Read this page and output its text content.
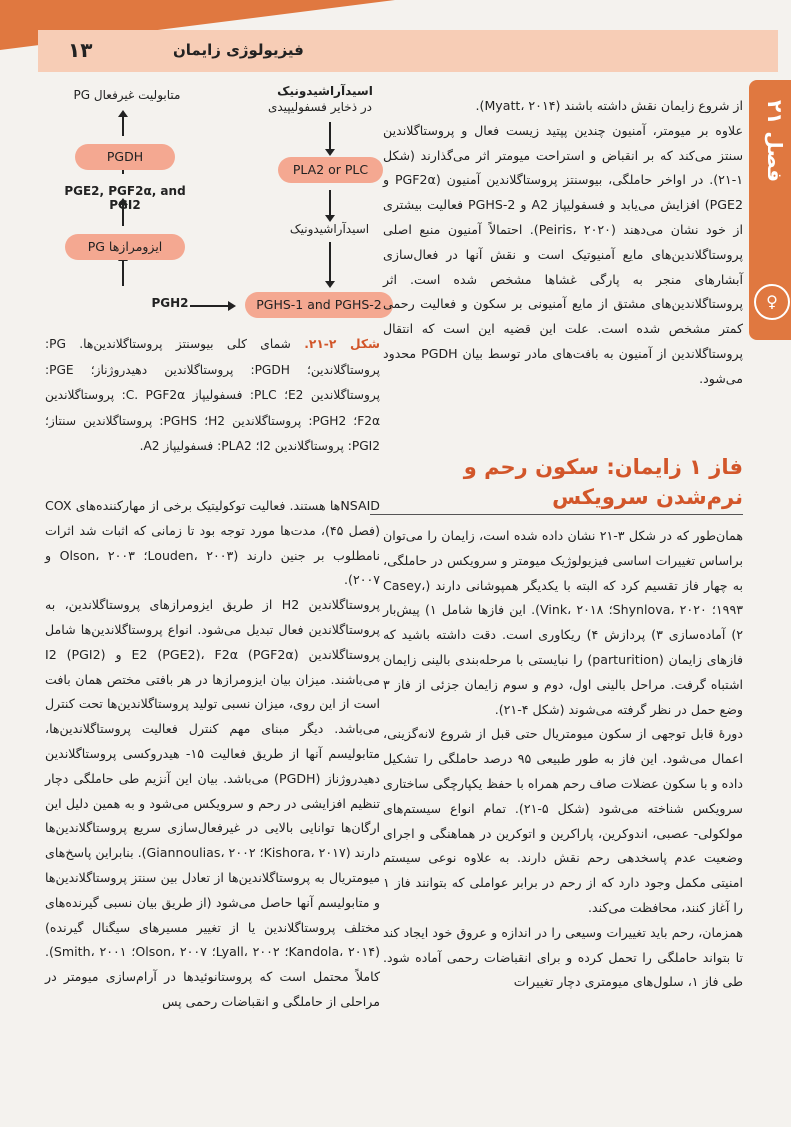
۱۳	فیزیولوژی زایمان
فصل ۲۱
♀
اسیدآراشیدونیک
در ذخایر فسفولیپیدی
متابولیت غیرفعال PG
PLA2 or PLC
اسیدآراشیدونیک
PGHS-1 and PGHS-2
PGH2
ایزومرازها PG
PGE2, PGF2α, and PGI2
PGDH
شکل ۲-۲۱. شمای کلی بیوسنتز پروستاگلاندین‌ها. PG: پروستاگلاندین؛ PGDH: پروستاگلاندین دهیدروژناز؛ PGE: پروستاگلاندین E2؛ PLC: فسفولیپاز C. PGF2α: پروستاگلاندین F2α؛ PGH2: پروستاگلاندین H2؛ PGHS: پروستاگلاندین سنتاز؛ PGI2: پروستاگلاندین I2؛ PLA2: فسفولیپاز A2.

از شروع زایمان نقش داشته باشند (Myatt، ۲۰۱۴).

علاوه بر میومتر، آمنیون چندین پپتید زیست فعال و پروستاگلاندین سنتز می‌کند که بر انقباض و استراحت میومتر اثر می‌گذارند (شکل ۱-۲۱). در اواخر حاملگی، بیوسنتز پروستاگلاندین آمنیون (PGF2α و PGE2) افزایش می‌یابد و فسفولیپاز A2 و PGHS-2 فعالیت بیشتری از خود نشان می‌دهند (Peiris، ۲۰۲۰). احتمالاً آمنیون منبع اصلی پروستاگلاندین‌های مایع آمنیوتیک است و نقش آنها در فعال‌سازی آبشارهای منجر به پارگی غشاها مشخص شده است. اثر پروستاگلاندین‌های مشتق از مایع آمنیونی بر سکون و فعالیت رحمی کمتر مشخص شده است. علت این قضیه این است که انتقال پروستاگلاندین از آمنیون به بافت‌های مادر توسط بیان PGDH محدود می‌شود.

فاز ۱ زایمان: سکون رحم و نرم‌شدن سرویکس

همان‌طور که در شکل ۳-۲۱ نشان داده شده است، زایمان را می‌توان براساس تغییرات اساسی فیزیولوژیک میومتر و سرویکس در حاملگی، به چهار فاز تقسیم کرد که البته با یکدیگر همپوشانی دارند (Casey، ۱۹۹۳؛ Shynlova، ۲۰۲۰؛ Vink، ۲۰۱۸). این فازها شامل ۱) پیش‌بار ۲) آماده‌سازی ۳) پردازش ۴) ریکاوری است. دقت داشته باشید که فازهای زایمان (parturition) را نبایستی با مرحله‌بندی بالینی زایمان اشتباه گرفت. مراحل بالینی اول، دوم و سوم زایمان جزئی از فاز ۳ وضع حمل در نظر گرفته می‌شوند (شکل ۴-۲۱).

دورهٔ قابل توجهی از سکون میومتریال حتی قبل از شروع لانه‌گزینی، اعمال می‌شود. این فاز به طور طبیعی ۹۵ درصد حاملگی را تشکیل داده و با سکون عضلات صاف رحم همراه با حفظ یکپارچگی ساختاری سرویکس شناخته می‌شود (شکل ۵-۲۱). تمام انواع سیستم‌های مولکولی- عصبی، اندوکرین، پاراکرین و اتوکرین در هماهنگی و اجرای وضعیت عدم پاسخدهی رحم نقش دارند. به علاوه نوعی سیستم امنیتی مکمل وجود دارد که از رحم در برابر عواملی که بتوانند فاز ۱ را آغاز کنند، محافظت می‌کند.

همزمان، رحم باید تغییرات وسیعی را در اندازه و عروق خود ایجاد کند تا بتواند حاملگی را تحمل کرده و برای انقباضات رحمی آماده شود. طی فاز ۱، سلول‌های میومتری دچار تغییرات

NSAIDها هستند. فعالیت توکولیتیک برخی از مهارکننده‌های COX (فصل ۴۵)، مدت‌ها مورد توجه بود تا زمانی که اثبات شد اثرات نامطلوب بر جنین دارند (Louden، ۲۰۰۳؛ Olson، ۲۰۰۳ و ۲۰۰۷).

پروستاگلاندین H2 از طریق ایزومرازهای پروستاگلاندین، به پروستاگلاندین فعال تبدیل می‌شود. انواع پروستاگلاندین‌ها شامل پروستاگلاندین E2 (PGE2)، F2α (PGF2α) و I2 (PGI2) می‌باشند. میزان بیان ایزومرازها در هر بافتی مختص همان بافت است از این روی، میزان نسبی تولید پروستاگلاندین‌ها تحت کنترل می‌باشد. دیگر مبنای مهم کنترل فعالیت پروستاگلاندین‌ها، متابولیسم آنها از طریق فعالیت ۱۵- هیدروکسی پروستاگلاندین دهیدروژناز (PGDH) می‌باشد. بیان این آنزیم طی حاملگی دچار تنظیم افزایشی در رحم و سرویکس می‌شود و به همین دلیل این ارگان‌ها توانایی بالایی در غیرفعال‌سازی سریع پروستاگلاندین‌ها دارند (Kishora، ۲۰۱۷؛ Giannoulias، ۲۰۰۲). بنابراین پاسخ‌های میومتریال به پروستاگلاندین‌ها از تعادل بین سنتز پروستاگلاندین‌ها و متابولیسم آنها حاصل می‌شود (از طریق بیان نسبی گیرنده‌های مختلف پروستاگلاندین یا از تغییر مسیرهای سیگنال گیرنده)(Kandola، ۲۰۱۴؛ Lyall، ۲۰۰۲؛ Olson، ۲۰۰۷؛ Smith، ۲۰۰۱). کاملاً محتمل است که پروستانوئیدها در آرام‌سازی میومتر در مراحلی از حاملگی و انقباضات رحمی پس
